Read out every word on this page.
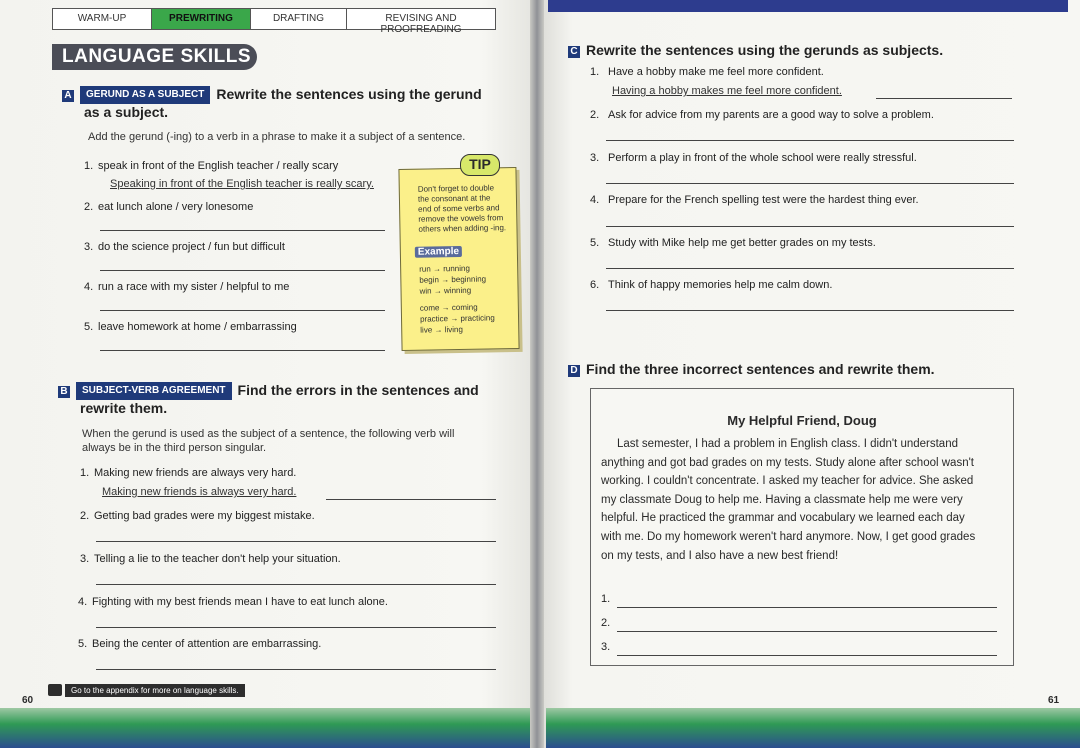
WARM-UP	PREWRITING	DRAFTING	REVISING AND PROOFREADING
LANGUAGE SKILLS
A GERUND AS A SUBJECT Rewrite the sentences using the gerund
as a subject.
Add the gerund (-ing) to a verb in a phrase to make it a subject of a sentence.
1. speak in front of the English teacher / really scary
Speaking in front of the English teacher is really scary.
2. eat lunch alone / very lonesome
3. do the science project / fun but difficult
4. run a race with my sister / helpful to me
5. leave homework at home / embarrassing

Don't forget to double

the consonant at the

end of some verbs and

remove the vowels from

others when adding -ing.

Example

run → running

begin → beginning

win → winning

come → coming

practice → practicing

live → living

TIP
B SUBJECT-VERB AGREEMENT Find the errors in the sentences and
rewrite them.
When the gerund is used as the subject of a sentence, the following verb will
always be in the third person singular.
1. Making new friends are always very hard.
Making new friends is always very hard.
2. Getting bad grades were my biggest mistake.
3. Telling a lie to the teacher don't help your situation.
4. Fighting with my best friends mean I have to eat lunch alone.
5. Being the center of attention are embarrassing.
Go to the appendix for more on language skills.
60
C Rewrite the sentences using the gerunds as subjects.
1. Have a hobby make me feel more confident.
Having a hobby makes me feel more confident.
2. Ask for advice from my parents are a good way to solve a problem.
3. Perform a play in front of the whole school were really stressful.
4. Prepare for the French spelling test were the hardest thing ever.
5. Study with Mike help me get better grades on my tests.
6. Think of happy memories help me calm down.
D Find the three incorrect sentences and rewrite them.
My Helpful Friend, Doug

Last semester, I had a problem in English class. I didn't understand

anything and got bad grades on my tests. Study alone after school wasn't
working. I couldn't concentrate. I asked my teacher for advice. She asked
my classmate Doug to help me. Having a classmate help me were very
helpful. He practiced the grammar and vocabulary we learned each day
with me. Do my homework weren't hard anymore. Now, I get good grades
on my tests, and I also have a new best friend!
1.
2.
3.
61
